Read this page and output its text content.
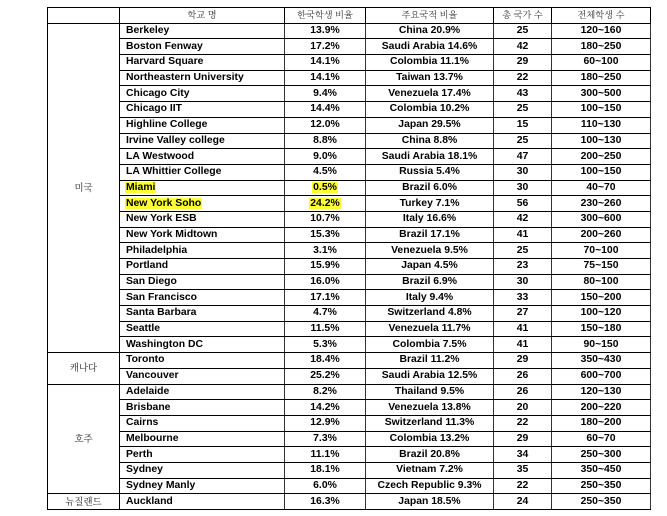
	학교 명	한국학생 비율	주요국적 비율	총 국가 수	전체학생 수
미국	Berkeley	13.9%	China 20.9%	25	120~160
	Boston Fenway	17.2%	Saudi Arabia 14.6%	42	180~250
	Harvard Square	14.1%	Colombia 11.1%	29	60~100
	Northeastern University	14.1%	Taiwan 13.7%	22	180~250
	Chicago City	9.4%	Venezuela 17.4%	43	300~500
	Chicago IIT	14.4%	Colombia 10.2%	25	100~150
	Highline College	12.0%	Japan 29.5%	15	110~130
	Irvine Valley college	8.8%	China 8.8%	25	100~130
	LA Westwood	9.0%	Saudi Arabia 18.1%	47	200~250
	LA Whittier College	4.5%	Russia 5.4%	30	100~150
	Miami	0.5%	Brazil 6.0%	30	40~70
	New York Soho	24.2%	Turkey 7.1%	56	230~260
	New York ESB	10.7%	Italy 16.6%	42	300~600
	New York Midtown	15.3%	Brazil 17.1%	41	200~260
	Philadelphia	3.1%	Venezuela 9.5%	25	70~100
	Portland	15.9%	Japan 4.5%	23	75~150
	San Diego	16.0%	Brazil 6.9%	30	80~100
	San Francisco	17.1%	Italy 9.4%	33	150~200
	Santa Barbara	4.7%	Switzerland 4.8%	27	100~120
	Seattle	11.5%	Venezuela 11.7%	41	150~180
	Washington DC	5.3%	Colombia 7.5%	41	90~150
캐나다	Toronto	18.4%	Brazil 11.2%	29	350~430
	Vancouver	25.2%	Saudi Arabia 12.5%	26	600~700
호주	Adelaide	8.2%	Thailand 9.5%	26	120~130
	Brisbane	14.2%	Venezuela 13.8%	20	200~220
	Cairns	12.9%	Switzerland 11.3%	22	180~200
	Melbourne	7.3%	Colombia 13.2%	29	60~70
	Perth	11.1%	Brazil 20.8%	34	250~300
	Sydney	18.1%	Vietnam 7.2%	35	350~450
	Sydney Manly	6.0%	Czech Republic 9.3%	22	250~350
뉴질랜드	Auckland	16.3%	Japan 18.5%	24	250~350
